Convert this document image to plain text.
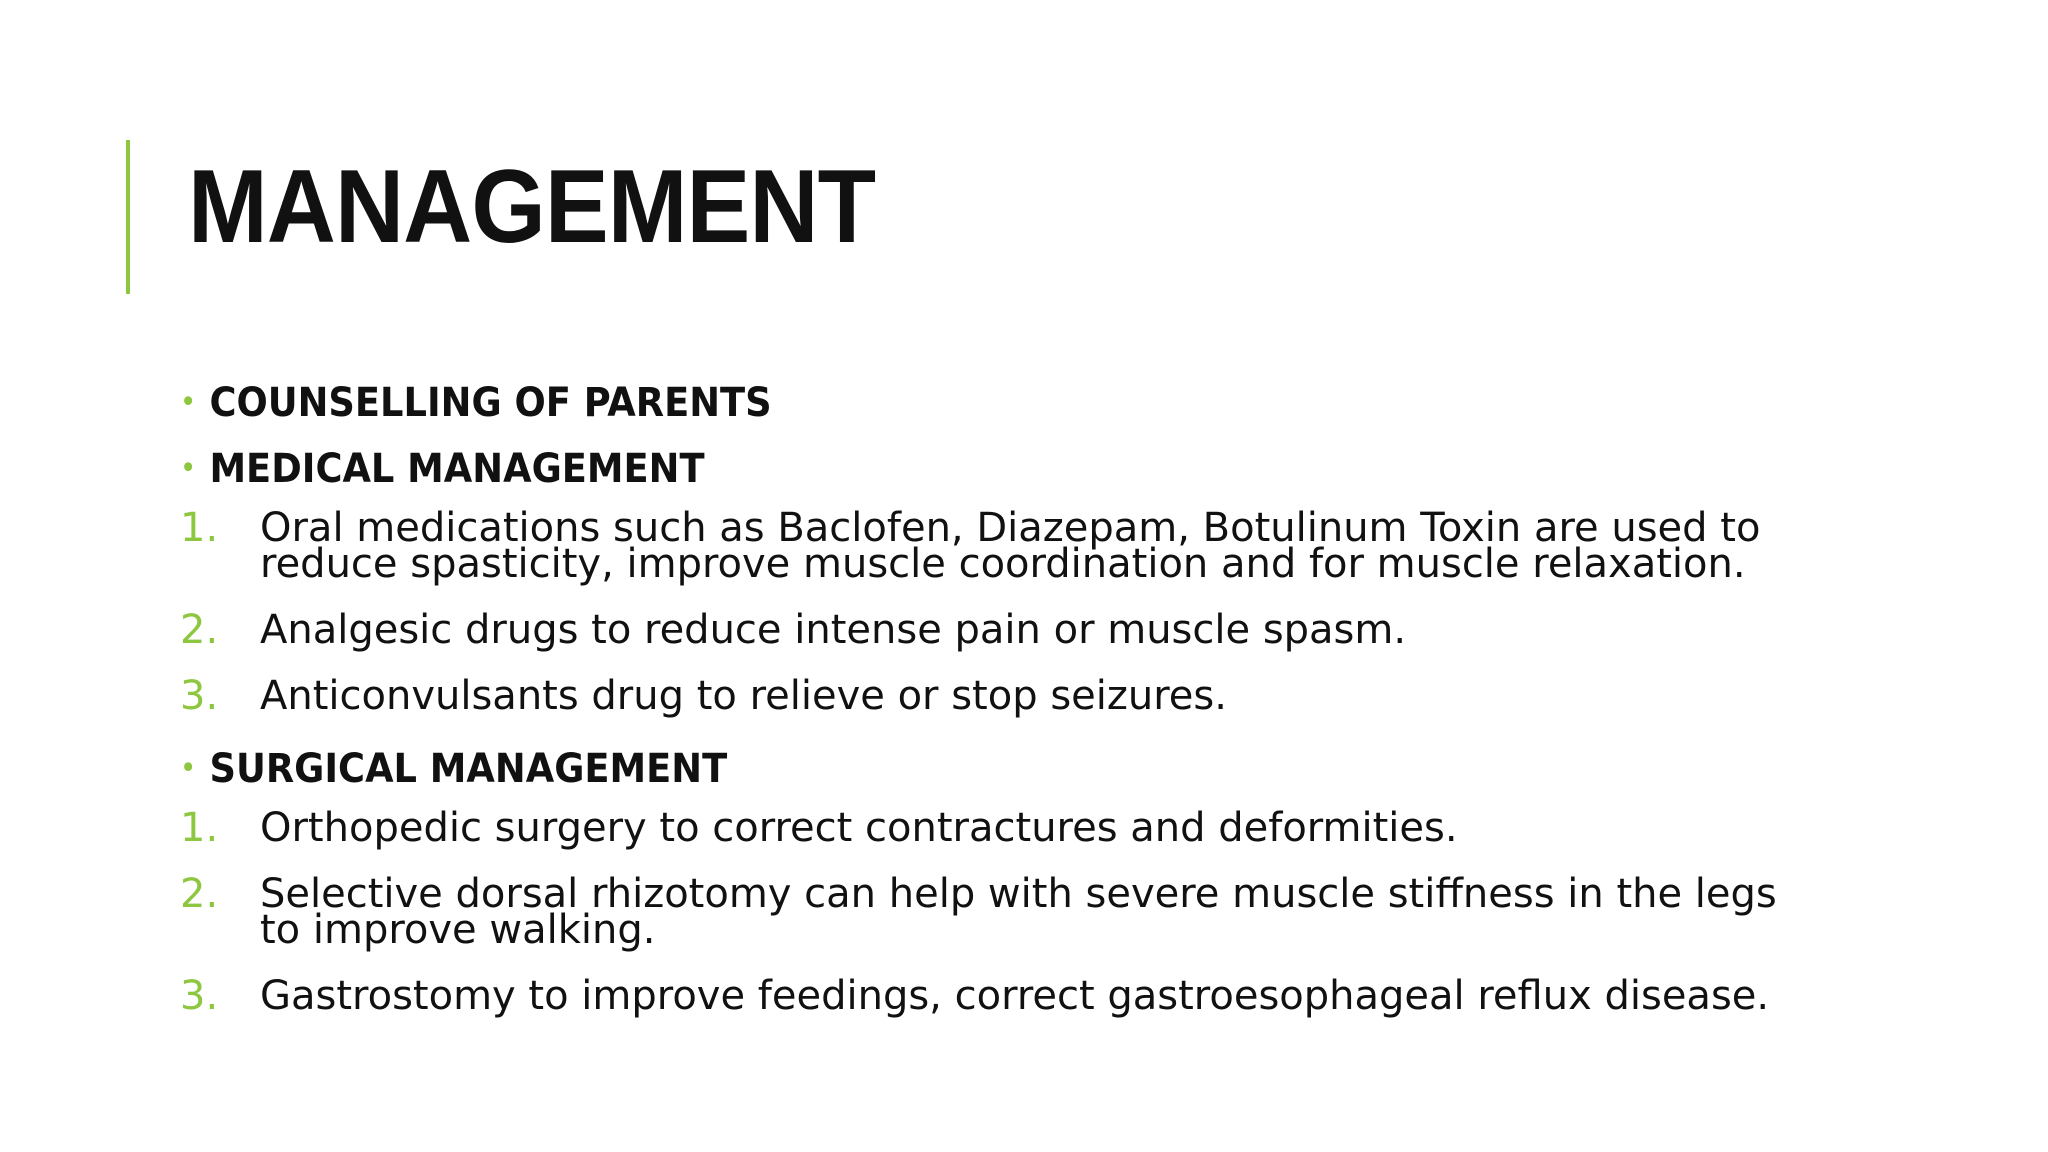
MANAGEMENT
• COUNSELLING OF PARENTS
• MEDICAL MANAGEMENT
1. Oral medications such as Baclofen, Diazepam, Botulinum Toxin are used to reduce spasticity, improve muscle coordination and for muscle relaxation.
2. Analgesic drugs to reduce intense pain or muscle spasm.
3. Anticonvulsants drug to relieve or stop seizures.
• SURGICAL MANAGEMENT
1. Orthopedic surgery to correct contractures and deformities.
2. Selective dorsal rhizotomy can help with severe muscle stiffness in the legs to improve walking.
3. Gastrostomy to improve feedings, correct gastroesophageal reflux disease.
